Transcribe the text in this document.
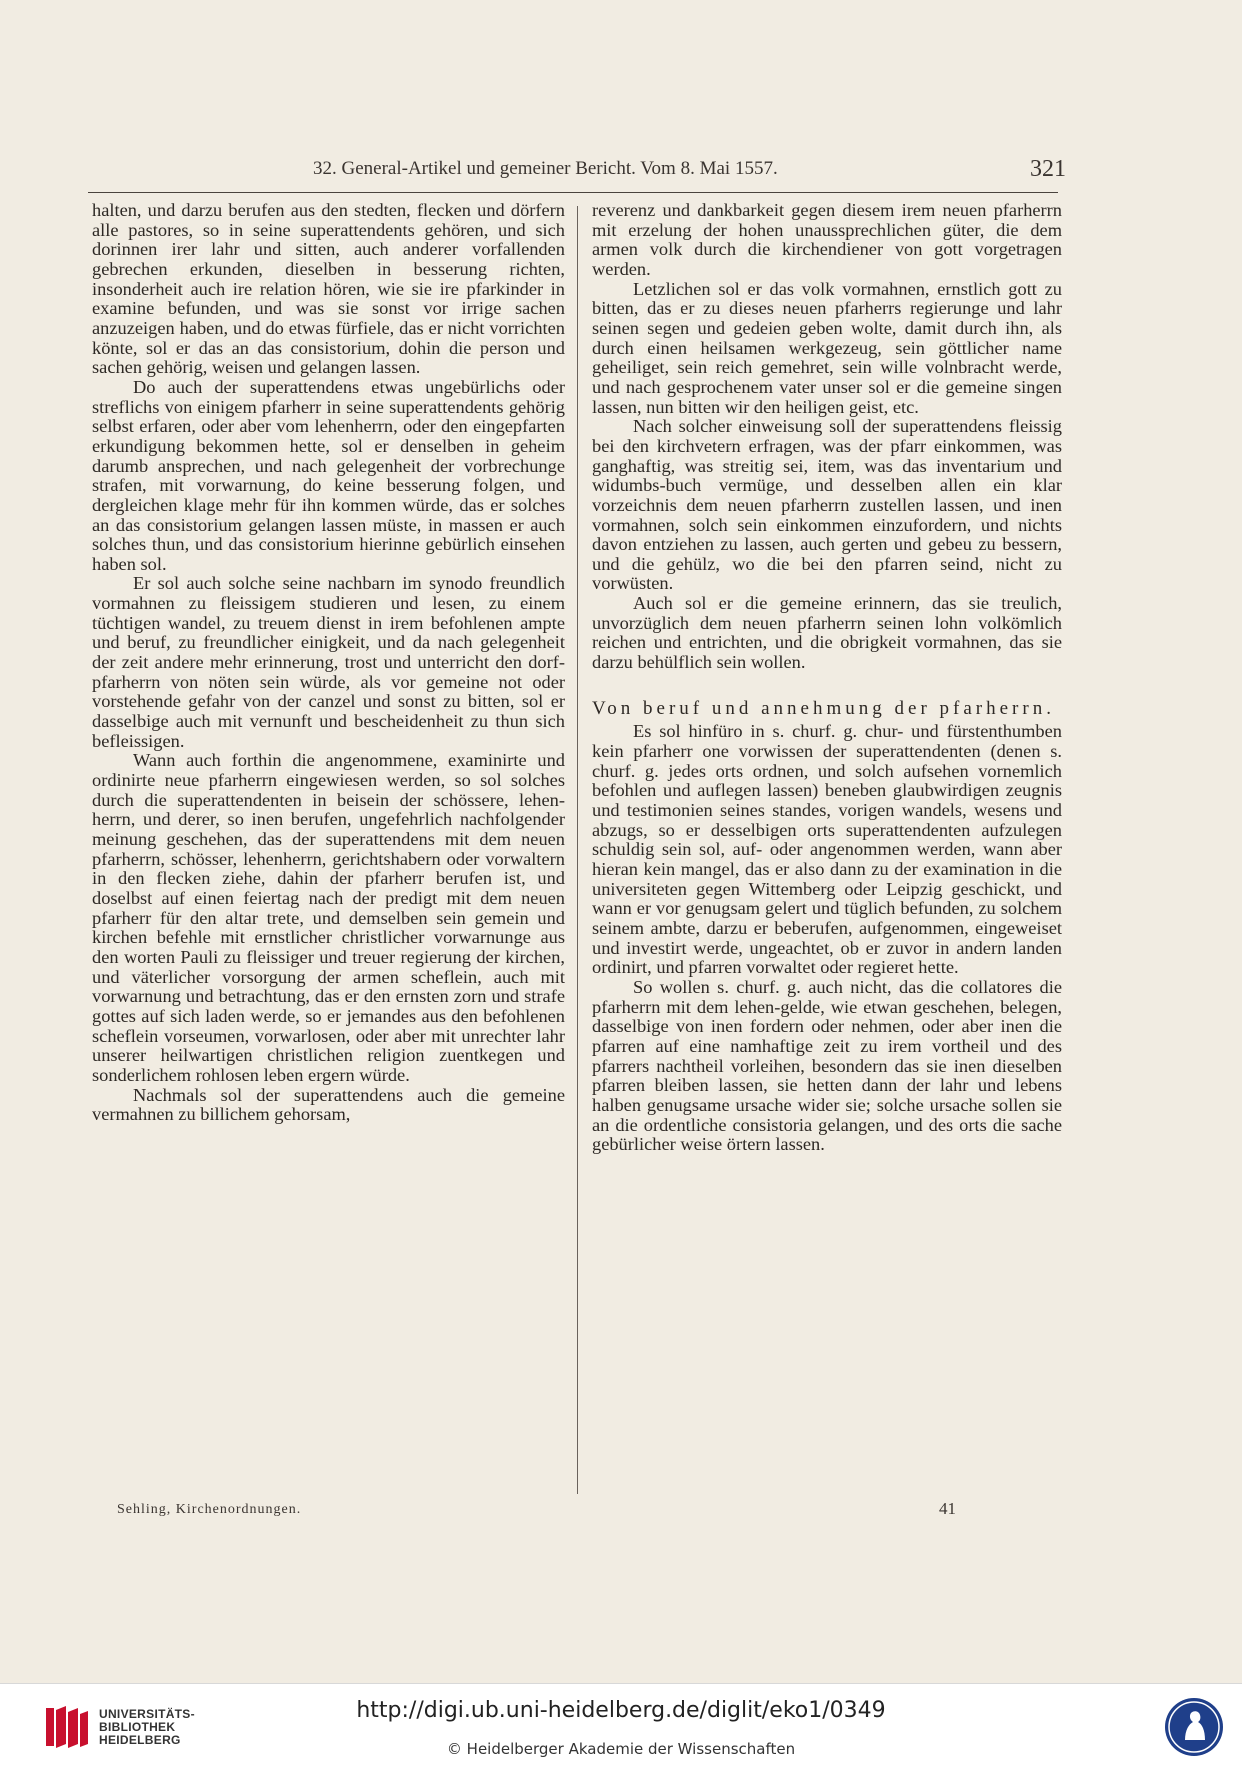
32. General-Artikel und gemeiner Bericht. Vom 8. Mai 1557.	321

halten, und darzu berufen aus den stedten, flecken und dörfern alle pastores, so in seine superattendents gehören, und sich dorinnen irer lahr und sitten, auch anderer vorfallenden gebrechen erkunden, dieselben in besserung richten, insonderheit auch ire relation hören, wie sie ire pfarkinder in examine befunden, und was sie sonst vor irrige sachen anzuzeigen haben, und do etwas fürfiele, das er nicht vorrichten könte, sol er das an das consistorium, dohin die person und sachen gehörig, weisen und gelangen lassen.

Do auch der superattendens etwas ungebürlichs oder streflichs von einigem pfarherr in seine superattendents gehörig selbst erfaren, oder aber vom lehenherrn, oder den eingepfarten erkundigung bekommen hette, sol er denselben in geheim darumb ansprechen, und nach gelegenheit der vorbrechunge strafen, mit vorwarnung, do keine besserung folgen, und dergleichen klage mehr für ihn kommen würde, das er solches an das consistorium gelangen lassen müste, in massen er auch solches thun, und das consistorium hierinne gebürlich einsehen haben sol.

Er sol auch solche seine nachbarn im synodo freundlich vormahnen zu fleissigem studieren und lesen, zu einem tüchtigen wandel, zu treuem dienst in irem befohlenen ampte und beruf, zu freundlicher einigkeit, und da nach gelegenheit der zeit andere mehr erinnerung, trost und unterricht den dorf-pfarherrn von nöten sein würde, als vor gemeine not oder vorstehende gefahr von der canzel und sonst zu bitten, sol er dasselbige auch mit vernunft und bescheidenheit zu thun sich befleissigen.

Wann auch forthin die angenommene, examinirte und ordinirte neue pfarherrn eingewiesen werden, so sol solches durch die superattendenten in beisein der schössere, lehen-herrn, und derer, so inen berufen, ungefehrlich nachfolgender meinung geschehen, das der superattendens mit dem neuen pfarherrn, schösser, lehenherrn, gerichtshabern oder vorwaltern in den flecken ziehe, dahin der pfarherr berufen ist, und doselbst auf einen feiertag nach der predigt mit dem neuen pfarherr für den altar trete, und demselben sein gemein und kirchen befehle mit ernstlicher christlicher vorwarnunge aus den worten Pauli zu fleissiger und treuer regierung der kirchen, und väterlicher vorsorgung der armen scheflein, auch mit vorwarnung und betrachtung, das er den ernsten zorn und strafe gottes auf sich laden werde, so er jemandes aus den befohlenen scheflein vorseumen, vorwarlosen, oder aber mit unrechter lahr unserer heilwartigen christlichen religion zuentkegen und sonderlichem rohlosen leben ergern würde.

Nachmals sol der superattendens auch die gemeine vermahnen zu billichem gehorsam,

reverenz und dankbarkeit gegen diesem irem neuen pfarherrn mit erzelung der hohen unaussprechlichen güter, die dem armen volk durch die kirchendiener von gott vorgetragen werden.

Letzlichen sol er das volk vormahnen, ernstlich gott zu bitten, das er zu dieses neuen pfarherrs regierunge und lahr seinen segen und gedeien geben wolte, damit durch ihn, als durch einen heilsamen werkgezeug, sein göttlicher name geheiliget, sein reich gemehret, sein wille volnbracht werde, und nach gesprochenem vater unser sol er die gemeine singen lassen, nun bitten wir den heiligen geist, etc.

Nach solcher einweisung soll der superattendens fleissig bei den kirchvetern erfragen, was der pfarr einkommen, was ganghaftig, was streitig sei, item, was das inventarium und widumbs-buch vermüge, und desselben allen ein klar vorzeichnis dem neuen pfarherrn zustellen lassen, und inen vormahnen, solch sein einkommen einzufordern, und nichts davon entziehen zu lassen, auch gerten und gebeu zu bessern, und die gehülz, wo die bei den pfarren seind, nicht zu vorwüsten.

Auch sol er die gemeine erinnern, das sie treulich, unvorzüglich dem neuen pfarherrn seinen lohn volkömlich reichen und entrichten, und die obrigkeit vormahnen, das sie darzu behülflich sein wollen.

Von beruf und annehmung der pfarherrn.

Es sol hinfüro in s. churf. g. chur- und fürstenthumben kein pfarherr one vorwissen der superattendenten (denen s. churf. g. jedes orts ordnen, und solch aufsehen vornemlich befohlen und auflegen lassen) beneben glaubwirdigen zeugnis und testimonien seines standes, vorigen wandels, wesens und abzugs, so er desselbigen orts superattendenten aufzulegen schuldig sein sol, auf- oder angenommen werden, wann aber hieran kein mangel, das er also dann zu der examination in die universiteten gegen Wittemberg oder Leipzig geschickt, und wann er vor genugsam gelert und tüglich befunden, zu solchem seinem ambte, darzu er beberufen, aufgenommen, eingeweiset und investirt werde, ungeachtet, ob er zuvor in andern landen ordinirt, und pfarren vorwaltet oder regieret hette.

So wollen s. churf. g. auch nicht, das die collatores die pfarherrn mit dem lehen-gelde, wie etwan geschehen, belegen, dasselbige von inen fordern oder nehmen, oder aber inen die pfarren auf eine namhaftige zeit zu irem vortheil und des pfarrers nachtheil vorleihen, besondern das sie inen dieselben pfarren bleiben lassen, sie hetten dann der lahr und lebens halben genugsame ursache wider sie; solche ursache sollen sie an die ordentliche consistoria gelangen, und des orts die sache gebürlicher weise örtern lassen.

Sehling, Kirchenordnungen.	41
UNIVERSITÄTS-
BIBLIOTHEK
HEIDELBERG
http://digi.ub.uni-heidelberg.de/diglit/eko1/0349
© Heidelberger Akademie der Wissenschaften
